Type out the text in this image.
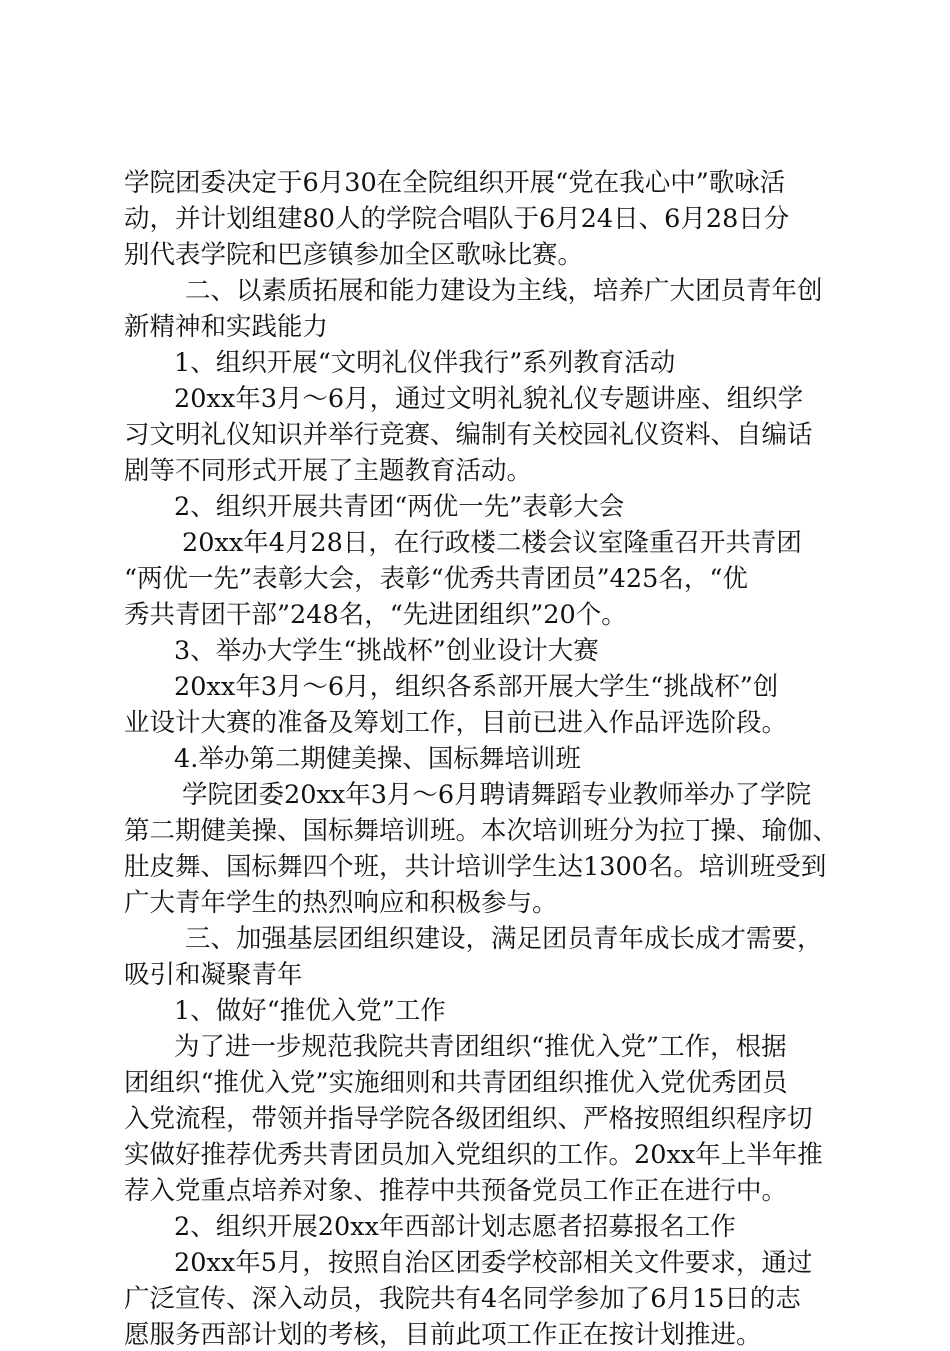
学院团委决定于6月30在全院组织开展“党在我心中”歌咏活
动，并计划组建80人的学院合唱队于6月24日、6月28日分
别代表学院和巴彦镇参加全区歌咏比赛。
二、以素质拓展和能力建设为主线，培养广大团员青年创
新精神和实践能力
1、组织开展“文明礼仪伴我行”系列教育活动
20xx年3月～6月，通过文明礼貌礼仪专题讲座、组织学
习文明礼仪知识并举行竞赛、编制有关校园礼仪资料、自编话
剧等不同形式开展了主题教育活动。
2、组织开展共青团“两优一先”表彰大会
20xx年4月28日，在行政楼二楼会议室隆重召开共青团
“两优一先”表彰大会，表彰“优秀共青团员”425名，“优
秀共青团干部”248名，“先进团组织”20个。
3、举办大学生“挑战杯”创业设计大赛
20xx年3月～6月，组织各系部开展大学生“挑战杯”创
业设计大赛的准备及筹划工作，目前已进入作品评选阶段。
4.举办第二期健美操、国标舞培训班
学院团委20xx年3月～6月聘请舞蹈专业教师举办了学院
第二期健美操、国标舞培训班。本次培训班分为拉丁操、瑜伽、
肚皮舞、国标舞四个班，共计培训学生达1300名。培训班受到
广大青年学生的热烈响应和积极参与。
三、加强基层团组织建设，满足团员青年成长成才需要，
吸引和凝聚青年
1、做好“推优入党”工作
为了进一步规范我院共青团组织“推优入党”工作，根据
团组织“推优入党”实施细则和共青团组织推优入党优秀团员
入党流程，带领并指导学院各级团组织、严格按照组织程序切
实做好推荐优秀共青团员加入党组织的工作。20xx年上半年推
荐入党重点培养对象、推荐中共预备党员工作正在进行中。
2、组织开展20xx年西部计划志愿者招募报名工作
20xx年5月，按照自治区团委学校部相关文件要求，通过
广泛宣传、深入动员，我院共有4名同学参加了6月15日的志
愿服务西部计划的考核，目前此项工作正在按计划推进。
